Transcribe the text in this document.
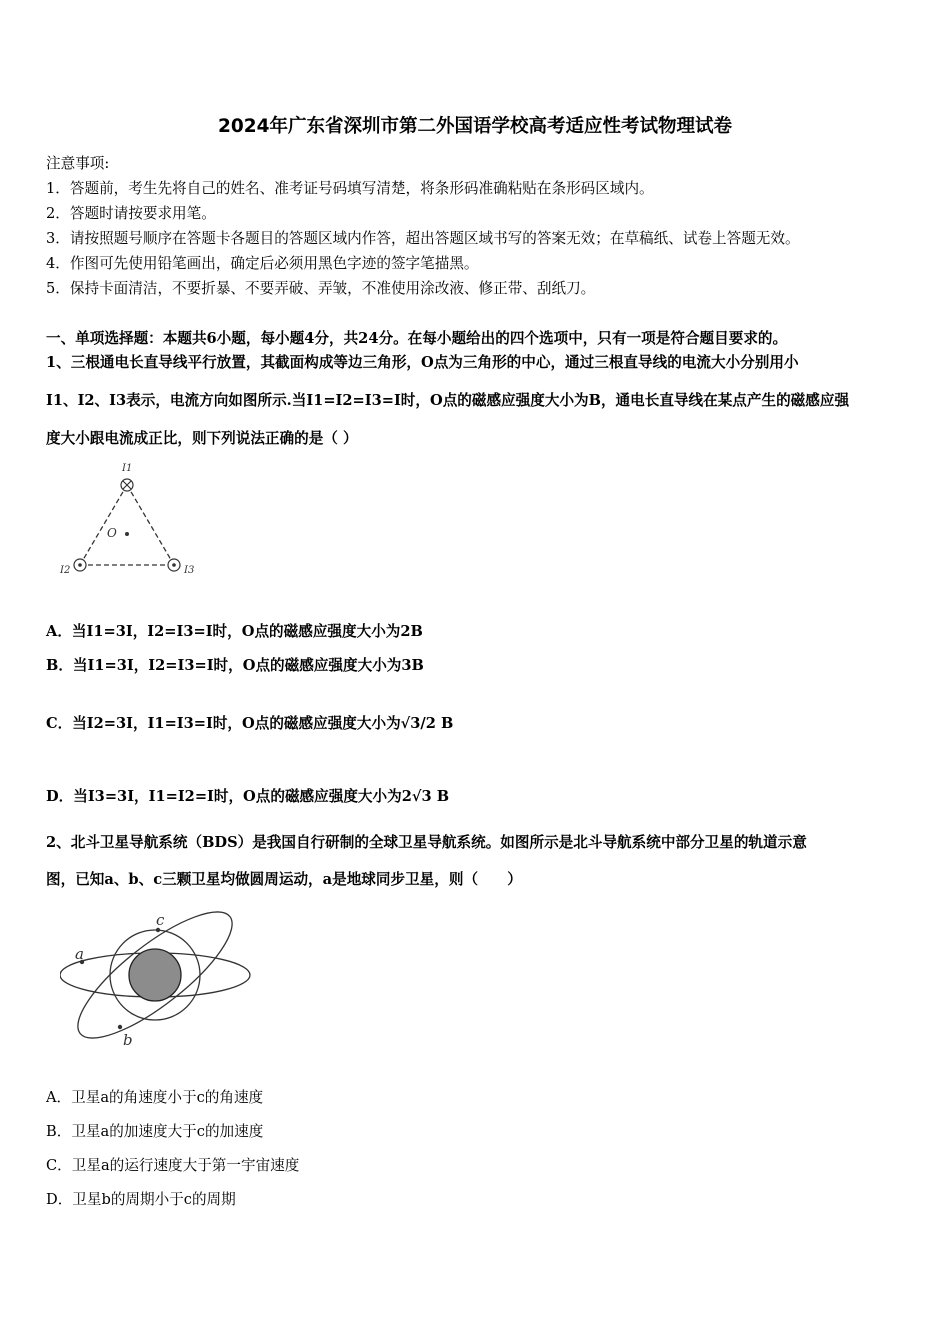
2024年广东省深圳市第二外国语学校高考适应性考试物理试卷
注意事项:
1．答题前，考生先将自己的姓名、准考证号码填写清楚，将条形码准确粘贴在条形码区域内。
2．答题时请按要求用笔。
3．请按照题号顺序在答题卡各题目的答题区域内作答，超出答题区域书写的答案无效；在草稿纸、试卷上答题无效。
4．作图可先使用铅笔画出，确定后必须用黑色字迹的签字笔描黑。
5．保持卡面清洁，不要折暴、不要弄破、弄皱，不准使用涂改液、修正带、刮纸刀。
一、单项选择题：本题共6小题，每小题4分，共24分。在每小题给出的四个选项中，只有一项是符合题目要求的。
1、三根通电长直导线平行放置，其截面构成等边三角形，O点为三角形的中心，通过三根直导线的电流大小分别用小
I1、I2、I3表示，电流方向如图所示.当I1=I2=I3=I时，O点的磁感应强度大小为B，通电长直导线在某点产生的磁感应强
度大小跟电流成正比，则下列说法正确的是（ ）
O
I1
I2	I3
A．当I1=3I，I2=I3=I时，O点的磁感应强度大小为2B
B．当I1=3I，I2=I3=I时，O点的磁感应强度大小为3B
C．当I2=3I，I1=I3=I时，O点的磁感应强度大小为√3/2 B
D．当I3=3I，I1=I2=I时，O点的磁感应强度大小为2√3 B
2、北斗卫星导航系统（BDS）是我国自行研制的全球卫星导航系统。如图所示是北斗导航系统中部分卫星的轨道示意
图，已知a、b、c三颗卫星均做圆周运动，a是地球同步卫星，则（　　）
a
b
c
A．卫星a的角速度小于c的角速度
B．卫星a的加速度大于c的加速度
C．卫星a的运行速度大于第一宇宙速度
D．卫星b的周期小于c的周期
